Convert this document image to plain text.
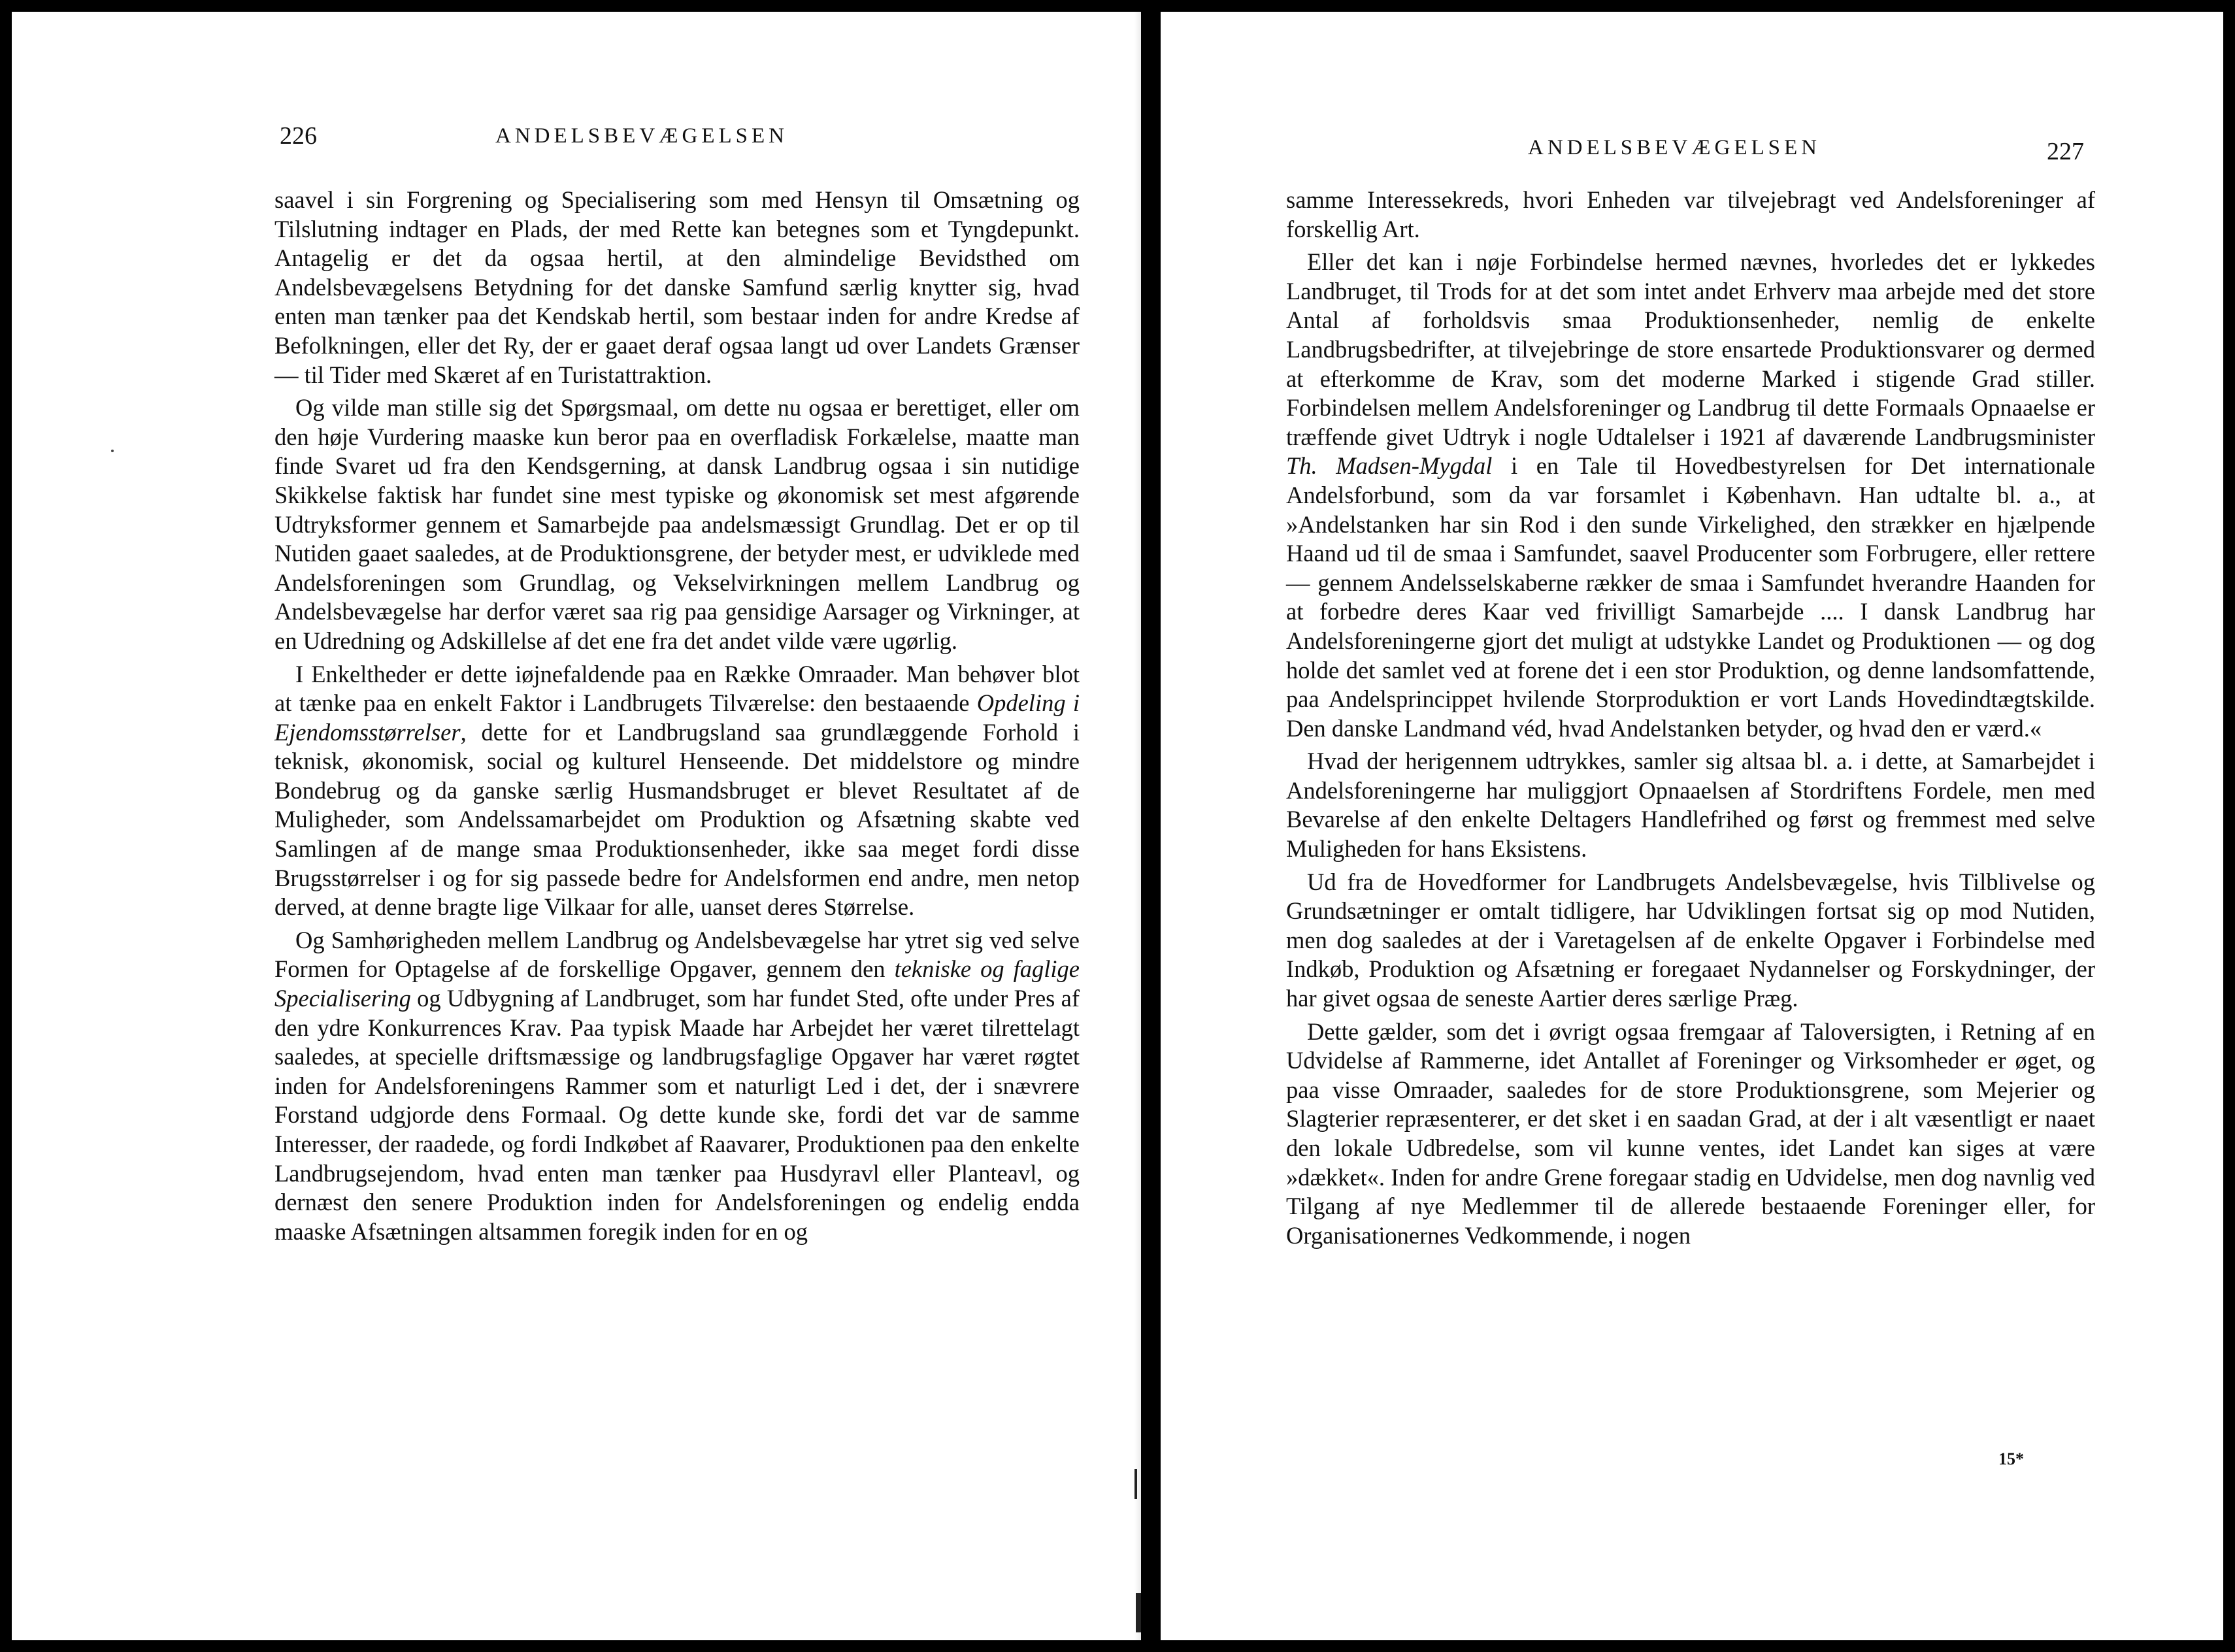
226	ANDELSBEVÆGELSEN

saavel i sin Forgrening og Specialisering som med Hensyn til Omsætning og Tilslutning indtager en Plads, der med Rette kan betegnes som et Tyngdepunkt. Antagelig er det da ogsaa hertil, at den almindelige Bevidsthed om Andelsbevægelsens Betydning for det danske Samfund særlig knytter sig, hvad enten man tænker paa det Kendskab hertil, som bestaar inden for andre Kredse af Befolkningen, eller det Ry, der er gaaet deraf ogsaa langt ud over Landets Grænser — til Tider med Skæret af en Turistattraktion.

Og vilde man stille sig det Spørgsmaal, om dette nu ogsaa er berettiget, eller om den høje Vurdering maaske kun beror paa en overfladisk Forkælelse, maatte man finde Svaret ud fra den Kendsgerning, at dansk Landbrug ogsaa i sin nutidige Skikkelse faktisk har fundet sine mest typiske og økonomisk set mest afgørende Udtryksformer gennem et Samarbejde paa andelsmæssigt Grundlag. Det er op til Nutiden gaaet saaledes, at de Produktionsgrene, der betyder mest, er udviklede med Andelsforeningen som Grundlag, og Vekselvirkningen mellem Landbrug og Andelsbevægelse har derfor været saa rig paa gensidige Aarsager og Virkninger, at en Udredning og Adskillelse af det ene fra det andet vilde være ugørlig.

I Enkeltheder er dette iøjnefaldende paa en Række Omraader. Man behøver blot at tænke paa en enkelt Faktor i Landbrugets Tilværelse: den bestaaende Opdeling i Ejendomsstørrelser, dette for et Landbrugsland saa grundlæggende Forhold i teknisk, økonomisk, social og kulturel Henseende. Det middelstore og mindre Bondebrug og da ganske særlig Husmandsbruget er blevet Resultatet af de Muligheder, som Andelssamarbejdet om Produktion og Afsætning skabte ved Samlingen af de mange smaa Produktionsenheder, ikke saa meget fordi disse Brugsstørrelser i og for sig passede bedre for Andelsformen end andre, men netop derved, at denne bragte lige Vilkaar for alle, uanset deres Størrelse.

Og Samhørigheden mellem Landbrug og Andelsbevægelse har ytret sig ved selve Formen for Optagelse af de forskellige Opgaver, gennem den tekniske og faglige Specialisering og Udbygning af Landbruget, som har fundet Sted, ofte under Pres af den ydre Konkurrences Krav. Paa typisk Maade har Arbejdet her været tilrettelagt saaledes, at specielle driftsmæssige og landbrugsfaglige Opgaver har været røgtet inden for Andelsforeningens Rammer som et naturligt Led i det, der i snævrere Forstand udgjorde dens Formaal. Og dette kunde ske, fordi det var de samme Interesser, der raadede, og fordi Indkøbet af Raavarer, Produktionen paa den enkelte Landbrugsejendom, hvad enten man tænker paa Husdyravl eller Planteavl, og dernæst den senere Produktion inden for Andelsforeningen og endelig endda maaske Afsætningen altsammen foregik inden for en og

ANDELSBEVÆGELSEN	227

samme Interessekreds, hvori Enheden var tilvejebragt ved Andelsforeninger af forskellig Art.

Eller det kan i nøje Forbindelse hermed nævnes, hvorledes det er lykkedes Landbruget, til Trods for at det som intet andet Erhverv maa arbejde med det store Antal af forholdsvis smaa Produktionsenheder, nemlig de enkelte Landbrugsbedrifter, at tilvejebringe de store ensartede Produktionsvarer og dermed at efterkomme de Krav, som det moderne Marked i stigende Grad stiller. Forbindelsen mellem Andelsforeninger og Landbrug til dette Formaals Opnaaelse er træffende givet Udtryk i nogle Udtalelser i 1921 af daværende Landbrugsminister Th. Madsen-Mygdal i en Tale til Hovedbestyrelsen for Det internationale Andelsforbund, som da var forsamlet i København. Han udtalte bl. a., at »Andelstanken har sin Rod i den sunde Virkelighed, den strækker en hjælpende Haand ud til de smaa i Samfundet, saavel Producenter som Forbrugere, eller rettere — gennem Andelsselskaberne rækker de smaa i Samfundet hverandre Haanden for at forbedre deres Kaar ved frivilligt Samarbejde .... I dansk Landbrug har Andelsforeningerne gjort det muligt at udstykke Landet og Produktionen — og dog holde det samlet ved at forene det i een stor Produktion, og denne landsomfattende, paa Andelsprincippet hvilende Storproduktion er vort Lands Hovedindtægtskilde. Den danske Landmand véd, hvad Andelstanken betyder, og hvad den er værd.«

Hvad der herigennem udtrykkes, samler sig altsaa bl. a. i dette, at Samarbejdet i Andelsforeningerne har muliggjort Opnaaelsen af Stordriftens Fordele, men med Bevarelse af den enkelte Deltagers Handlefrihed og først og fremmest med selve Muligheden for hans Eksistens.

Ud fra de Hovedformer for Landbrugets Andelsbevægelse, hvis Tilblivelse og Grundsætninger er omtalt tidligere, har Udviklingen fortsat sig op mod Nutiden, men dog saaledes at der i Varetagelsen af de enkelte Opgaver i Forbindelse med Indkøb, Produktion og Afsætning er foregaaet Nydannelser og Forskydninger, der har givet ogsaa de seneste Aartier deres særlige Præg.

Dette gælder, som det i øvrigt ogsaa fremgaar af Taloversigten, i Retning af en Udvidelse af Rammerne, idet Antallet af Foreninger og Virksomheder er øget, og paa visse Omraader, saaledes for de store Produktionsgrene, som Mejerier og Slagterier repræsenterer, er det sket i en saadan Grad, at der i alt væsentligt er naaet den lokale Udbredelse, som vil kunne ventes, idet Landet kan siges at være »dækket«. Inden for andre Grene foregaar stadig en Udvidelse, men dog navnlig ved Tilgang af nye Medlemmer til de allerede bestaaende Foreninger eller, for Organisationernes Vedkommende, i nogen

15*
